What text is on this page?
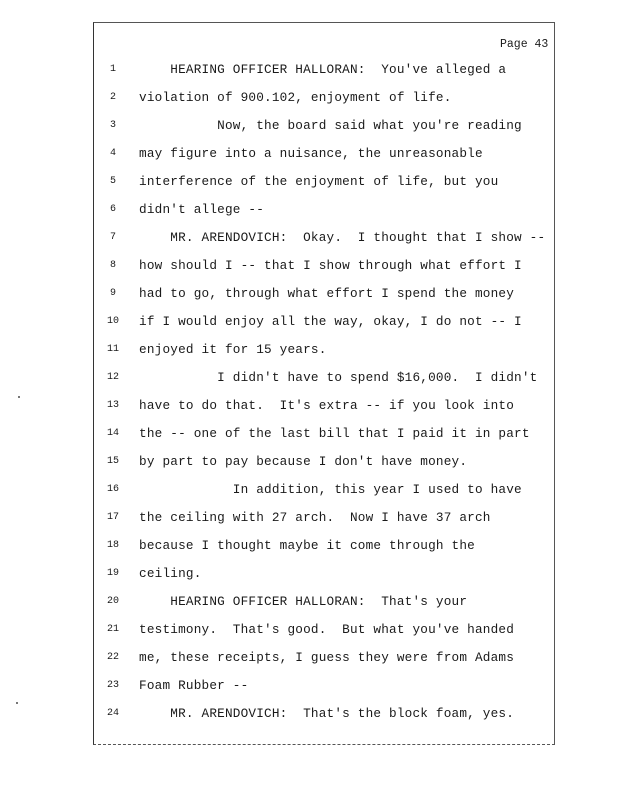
Page 43
1	HEARING OFFICER HALLORAN:  You've alleged a
2	violation of 900.102, enjoyment of life.
3	Now, the board said what you're reading
4	may figure into a nuisance, the unreasonable
5	interference of the enjoyment of life, but you
6	didn't allege --
7	MR. ARENDOVICH:  Okay.  I thought that I show --
8	how should I -- that I show through what effort I
9	had to go, through what effort I spend the money
10	if I would enjoy all the way, okay, I do not -- I
11	enjoyed it for 15 years.
12	I didn't have to spend $16,000.  I didn't
13	have to do that.  It's extra -- if you look into
14	the -- one of the last bill that I paid it in part
15	by part to pay because I don't have money.
16	In addition, this year I used to have
17	the ceiling with 27 arch.  Now I have 37 arch
18	because I thought maybe it come through the
19	ceiling.
20	HEARING OFFICER HALLORAN:  That's your
21	testimony.  That's good.  But what you've handed
22	me, these receipts, I guess they were from Adams
23	Foam Rubber --
24	MR. ARENDOVICH:  That's the block foam, yes.
